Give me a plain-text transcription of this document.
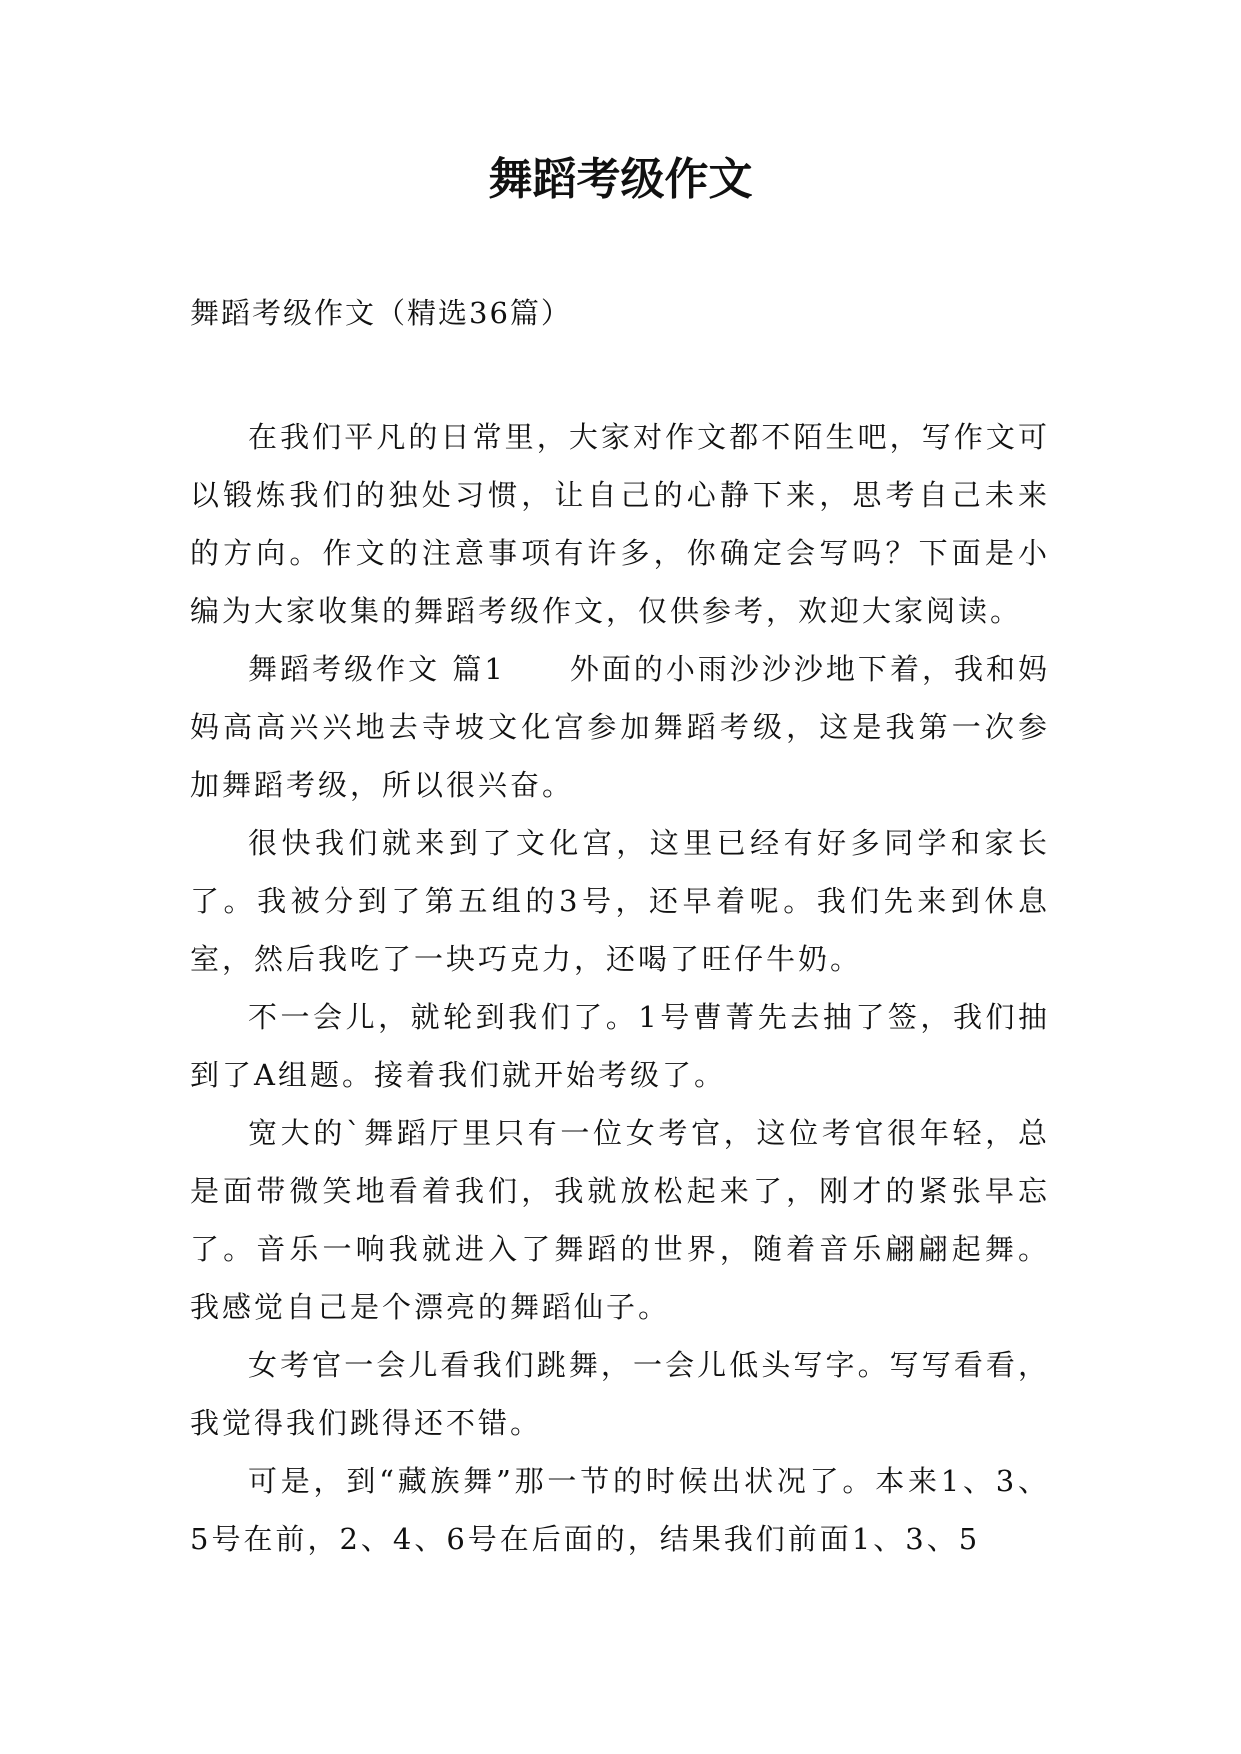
舞蹈考级作文

舞蹈考级作文（精选36篇）

在我们平凡的日常里，大家对作文都不陌生吧，写作文可以锻炼我们的独处习惯，让自己的心静下来，思考自己未来的方向。作文的注意事项有许多，你确定会写吗？下面是小编为大家收集的舞蹈考级作文，仅供参考，欢迎大家阅读。

舞蹈考级作文 篇1　　外面的小雨沙沙沙地下着，我和妈妈高高兴兴地去寺坡文化宫参加舞蹈考级，这是我第一次参加舞蹈考级，所以很兴奋。

很快我们就来到了文化宫，这里已经有好多同学和家长了。我被分到了第五组的3号，还早着呢。我们先来到休息室，然后我吃了一块巧克力，还喝了旺仔牛奶。

不一会儿，就轮到我们了。1号曹菁先去抽了签，我们抽到了A组题。接着我们就开始考级了。

宽大的`舞蹈厅里只有一位女考官，这位考官很年轻，总是面带微笑地看着我们，我就放松起来了，刚才的紧张早忘了。音乐一响我就进入了舞蹈的世界，随着音乐翩翩起舞。我感觉自己是个漂亮的舞蹈仙子。

女考官一会儿看我们跳舞，一会儿低头写字。写写看看，我觉得我们跳得还不错。

可是，到“藏族舞”那一节的时候出状况了。本来1、3、5号在前，2、4、6号在后面的，结果我们前面1、3、5
